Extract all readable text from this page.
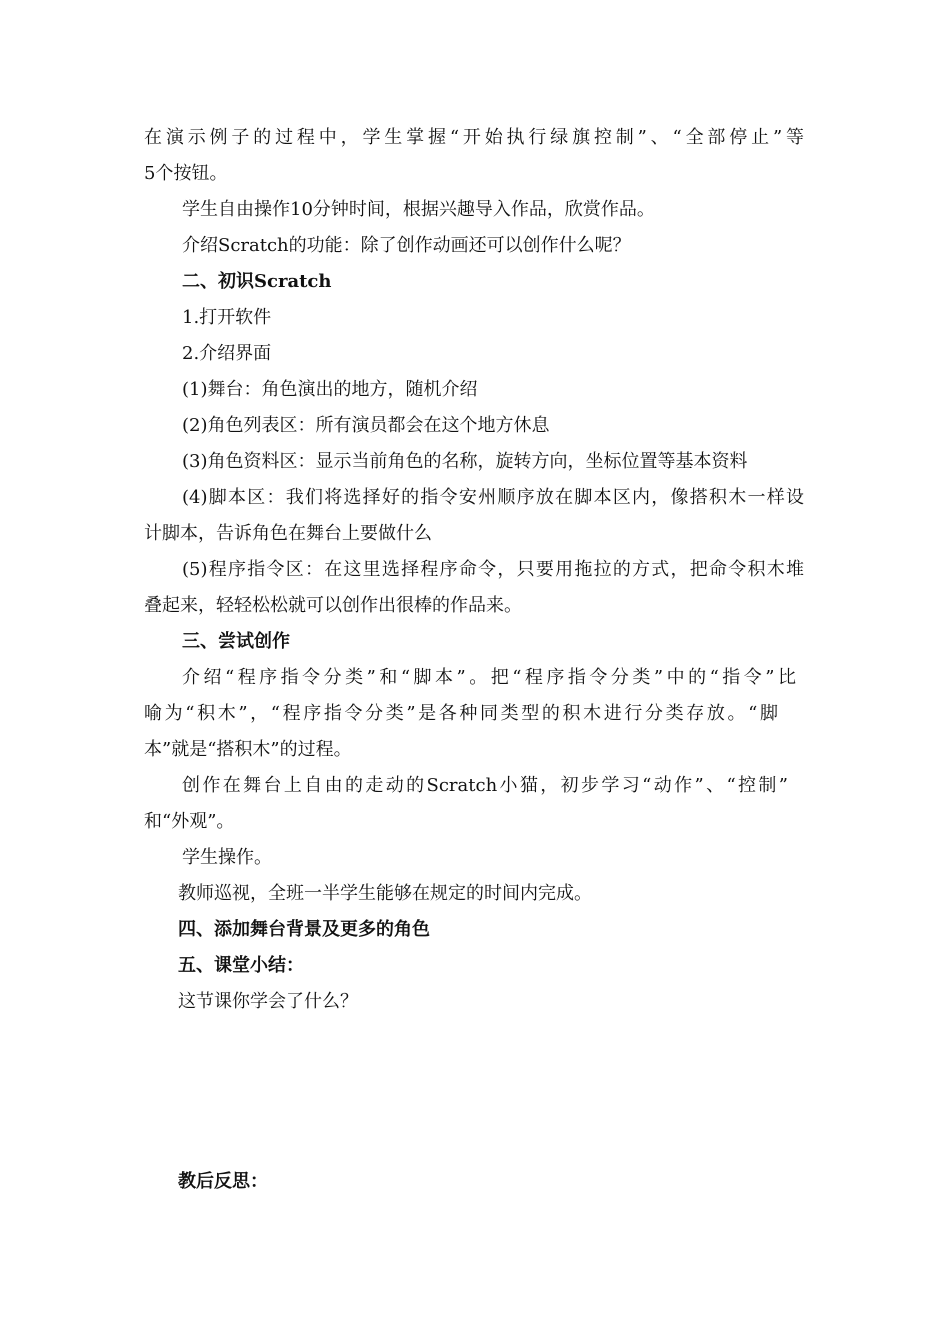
在演示例子的过程中，学生掌握“开始执行绿旗控制”、“全部停止”等

5个按钮。

学生自由操作10分钟时间，根据兴趣导入作品，欣赏作品。

介绍Scratch的功能：除了创作动画还可以创作什么呢？

二、初识Scratch

1.打开软件

2.介绍界面

(1)舞台：角色演出的地方，随机介绍

(2)角色列表区：所有演员都会在这个地方休息

(3)角色资料区：显示当前角色的名称，旋转方向，坐标位置等基本资料

(4)脚本区：我们将选择好的指令安州顺序放在脚本区内，像搭积木一样设

计脚本，告诉角色在舞台上要做什么

(5)程序指令区：在这里选择程序命令，只要用拖拉的方式，把命令积木堆

叠起来，轻轻松松就可以创作出很棒的作品来。

三、尝试创作

介绍“程序指令分类”和“脚本”。把“程序指令分类”中的“指令”比

喻为“积木”，“程序指令分类”是各种同类型的积木进行分类存放。“脚

本”就是“搭积木”的过程。

创作在舞台上自由的走动的Scratch小猫，初步学习“动作”、“控制”

和“外观”。

学生操作。

教师巡视，全班一半学生能够在规定的时间内完成。

四、添加舞台背景及更多的角色

五、课堂小结：

这节课你学会了什么？

教后反思：
